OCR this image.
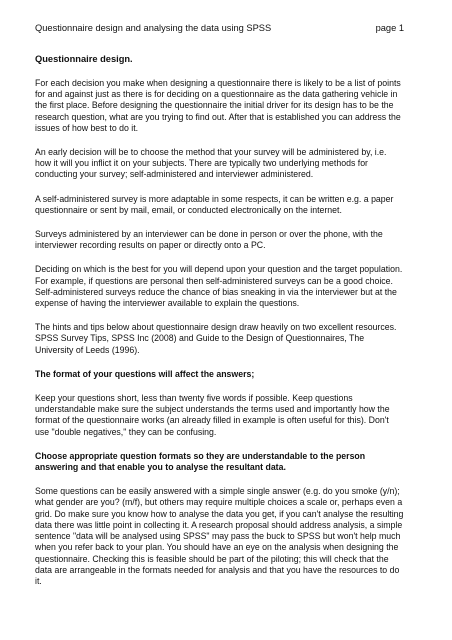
Questionnaire design and analysing the data using SPSS	page 1
Questionnaire design.
For each decision you make when designing a questionnaire there is likely to be a list of points for and against just as there is for deciding on a questionnaire as the data gathering vehicle in the first place. Before designing the questionnaire the initial driver for its design has to be the research question, what are you trying to find out. After that is established you can address the issues of how best to do it.
An early decision will be to choose the method that your survey will be administered by, i.e. how it will you inflict it on your subjects. There are typically two underlying methods for conducting your survey; self-administered and interviewer administered.
A self-administered survey is more adaptable in some respects, it can be written e.g. a paper questionnaire or sent by mail, email, or conducted electronically on the internet.
Surveys administered by an interviewer can be done in person or over the phone, with the interviewer recording results on paper or directly onto a PC.
Deciding on which is the best for you will depend upon your question and the target population. For example, if questions are personal then self-administered surveys can be a good choice. Self-administered surveys reduce the chance of bias sneaking in via the interviewer but at the expense of having the interviewer available to explain the questions.
The hints and tips below about questionnaire design draw heavily on two excellent resources. SPSS Survey Tips, SPSS Inc (2008) and Guide to the Design of Questionnaires, The University of Leeds (1996).
The format of your questions will affect the answers;
Keep your questions short, less than twenty five words if possible. Keep questions understandable make sure the subject understands the terms used and importantly how the format of the questionnaire works (an already filled in example is often useful for this). Don't use "double negatives," they can be confusing.
Choose appropriate question formats so they are understandable to the person answering and that enable you to analyse the resultant data.
Some questions can be easily answered with a simple single answer (e.g. do you smoke (y/n); what gender are you? (m/f), but others may require multiple choices a scale or, perhaps even a grid. Do make sure you know how to analyse the data you get, if you can't analyse the resulting data there was little point in collecting it. A research proposal should address analysis, a simple sentence "data will be analysed using SPSS" may pass the buck to SPSS but won't help much when you refer back to your plan. You should have an eye on the analysis when designing the questionnaire. Checking this is feasible should be part of the piloting; this will check that the data are arrangeable in the formats needed for analysis and that you have the resources to do it.
